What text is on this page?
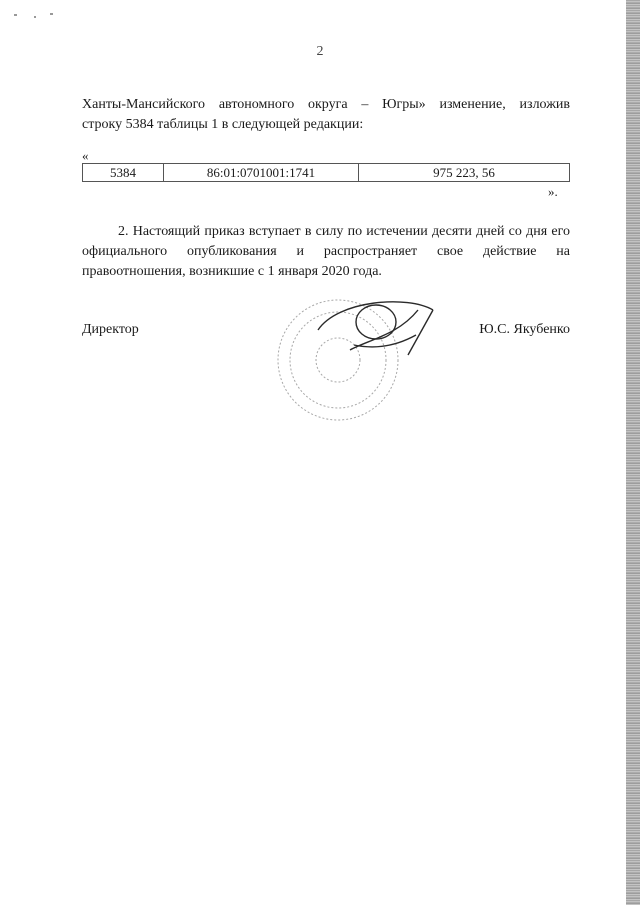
2
Ханты-Мансийского автономного округа – Югры» изменение, изложив
строку 5384 таблицы 1 в следующей редакции:
«
5384	86:01:0701001:1741	975 223, 56
».
2. Настоящий приказ вступает в силу по истечении десяти дней со дня его официального опубликования и распространяет свое действие на правоотношения, возникшие с 1 января 2020 года.
Директор	Ю.С. Якубенко
